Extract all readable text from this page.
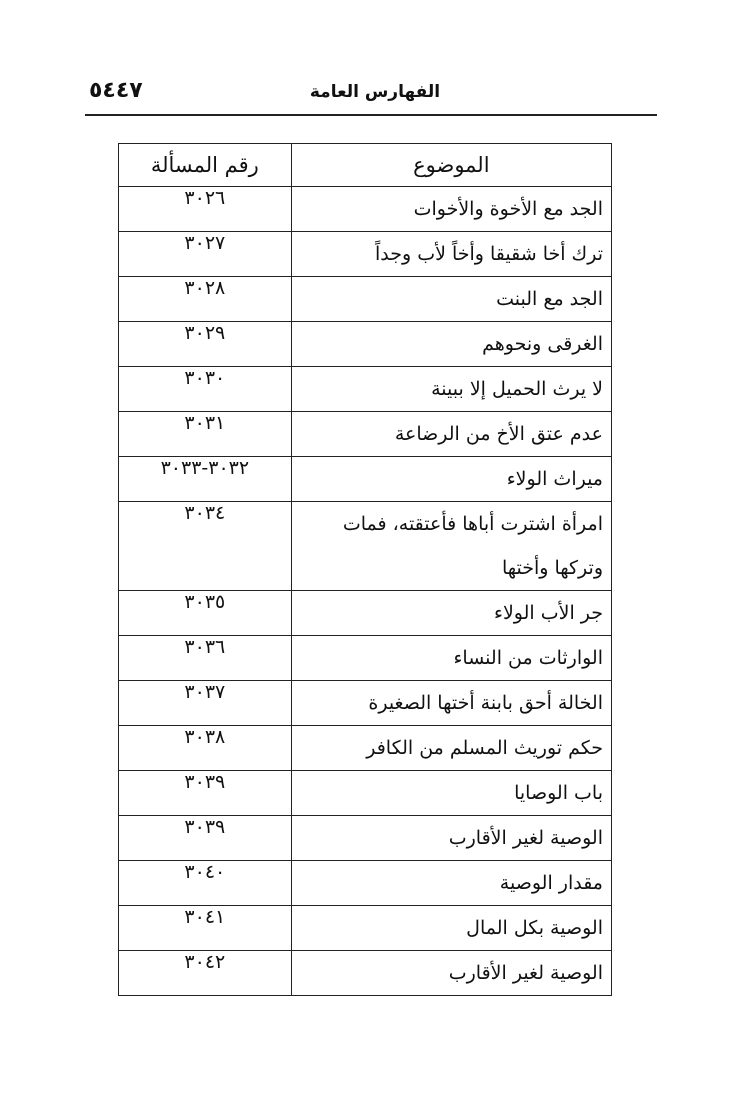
٥٤٤٧	الفهارس العامة
الموضوع	رقم المسألة
الجد مع الأخوة والأخوات	٣٠٢٦
ترك أخا شقيقا وأخاً لأب وجداً	٣٠٢٧
الجد مع البنت	٣٠٢٨
الغرقى ونحوهم	٣٠٢٩
لا يرث الحميل إلا ببينة	٣٠٣٠
عدم عتق الأخ من الرضاعة	٣٠٣١
ميراث الولاء	٣٠٣٢-٣٠٣٣
امرأة اشترت أباها فأعتقته، فمات وتركها وأختها	٣٠٣٤
جر الأب الولاء	٣٠٣٥
الوارثات من النساء	٣٠٣٦
الخالة أحق بابنة أختها الصغيرة	٣٠٣٧
حكم توريث المسلم من الكافر	٣٠٣٨
باب الوصايا	٣٠٣٩
الوصية لغير الأقارب	٣٠٣٩
مقدار الوصية	٣٠٤٠
الوصية بكل المال	٣٠٤١
الوصية لغير الأقارب	٣٠٤٢
